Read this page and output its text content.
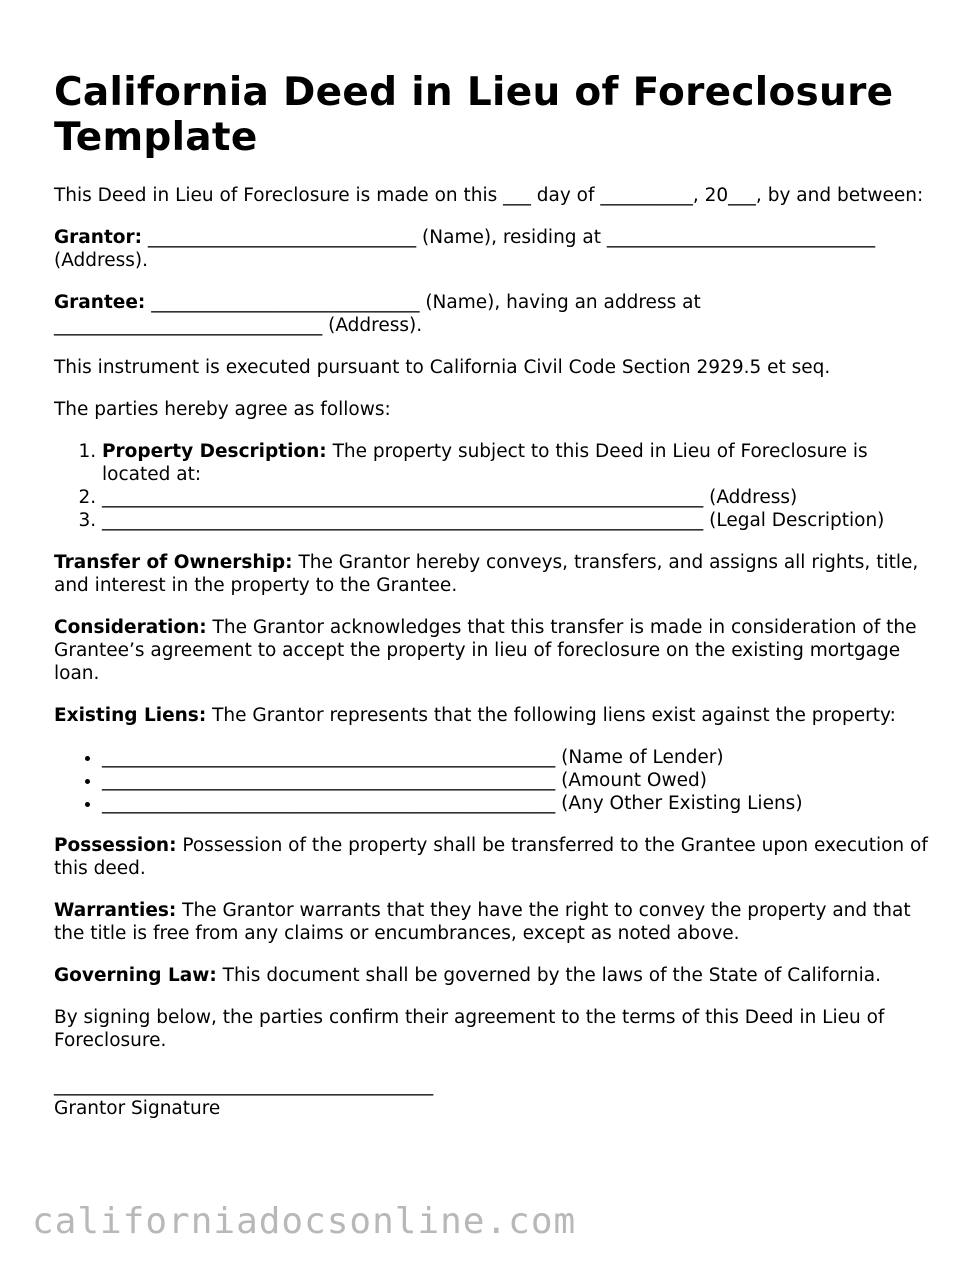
California Deed in Lieu of Foreclosure Template

This Deed in Lieu of Foreclosure is made on this ___ day of __________, 20___, by and between:

Grantor: _____________________________ (Name), residing at _____________________________ (Address).

Grantee: _____________________________ (Name), having an address at _____________________________ (Address).

This instrument is executed pursuant to California Civil Code Section 2929.5 et seq.

The parties hereby agree as follows:

1. Property Description: The property subject to this Deed in Lieu of Foreclosure is located at:
2. _________________________________________________________________ (Address)
3. _________________________________________________________________ (Legal Description)

Transfer of Ownership: The Grantor hereby conveys, transfers, and assigns all rights, title, and interest in the property to the Grantee.

Consideration: The Grantor acknowledges that this transfer is made in consideration of the Grantee’s agreement to accept the property in lieu of foreclosure on the existing mortgage loan.

Existing Liens: The Grantor represents that the following liens exist against the property:

• _________________________________________________ (Name of Lender)
• _________________________________________________ (Amount Owed)
• _________________________________________________ (Any Other Existing Liens)

Possession: Possession of the property shall be transferred to the Grantee upon execution of this deed.

Warranties: The Grantor warrants that they have the right to convey the property and that the title is free from any claims or encumbrances, except as noted above.

Governing Law: This document shall be governed by the laws of the State of California.

By signing below, the parties confirm their agreement to the terms of this Deed in Lieu of Foreclosure.

_________________________________________
Grantor Signature
californiadocsonline.com
